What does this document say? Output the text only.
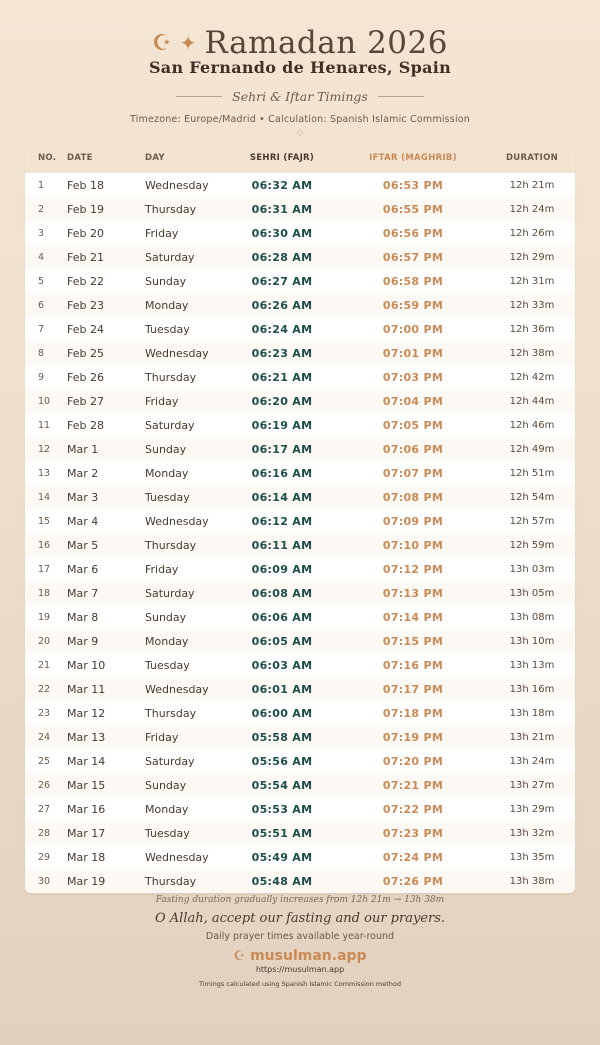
☪ ✦ Ramadan 2026
San Fernando de Henares, Spain
Sehri & Iftar Timings
Timezone: Europe/Madrid • Calculation: Spanish Islamic Commission
◇
NO.	DATE	DAY	SEHRI (FAJR)	IFTAR (MAGHRIB)	DURATION
1	Feb 18	Wednesday	06:32 AM	06:53 PM	12h 21m
2	Feb 19	Thursday	06:31 AM	06:55 PM	12h 24m
3	Feb 20	Friday	06:30 AM	06:56 PM	12h 26m
4	Feb 21	Saturday	06:28 AM	06:57 PM	12h 29m
5	Feb 22	Sunday	06:27 AM	06:58 PM	12h 31m
6	Feb 23	Monday	06:26 AM	06:59 PM	12h 33m
7	Feb 24	Tuesday	06:24 AM	07:00 PM	12h 36m
8	Feb 25	Wednesday	06:23 AM	07:01 PM	12h 38m
9	Feb 26	Thursday	06:21 AM	07:03 PM	12h 42m
10	Feb 27	Friday	06:20 AM	07:04 PM	12h 44m
11	Feb 28	Saturday	06:19 AM	07:05 PM	12h 46m
12	Mar 1	Sunday	06:17 AM	07:06 PM	12h 49m
13	Mar 2	Monday	06:16 AM	07:07 PM	12h 51m
14	Mar 3	Tuesday	06:14 AM	07:08 PM	12h 54m
15	Mar 4	Wednesday	06:12 AM	07:09 PM	12h 57m
16	Mar 5	Thursday	06:11 AM	07:10 PM	12h 59m
17	Mar 6	Friday	06:09 AM	07:12 PM	13h 03m
18	Mar 7	Saturday	06:08 AM	07:13 PM	13h 05m
19	Mar 8	Sunday	06:06 AM	07:14 PM	13h 08m
20	Mar 9	Monday	06:05 AM	07:15 PM	13h 10m
21	Mar 10	Tuesday	06:03 AM	07:16 PM	13h 13m
22	Mar 11	Wednesday	06:01 AM	07:17 PM	13h 16m
23	Mar 12	Thursday	06:00 AM	07:18 PM	13h 18m
24	Mar 13	Friday	05:58 AM	07:19 PM	13h 21m
25	Mar 14	Saturday	05:56 AM	07:20 PM	13h 24m
26	Mar 15	Sunday	05:54 AM	07:21 PM	13h 27m
27	Mar 16	Monday	05:53 AM	07:22 PM	13h 29m
28	Mar 17	Tuesday	05:51 AM	07:23 PM	13h 32m
29	Mar 18	Wednesday	05:49 AM	07:24 PM	13h 35m
30	Mar 19	Thursday	05:48 AM	07:26 PM	13h 38m
Fasting duration gradually increases from 12h 21m → 13h 38m
O Allah, accept our fasting and our prayers.
Daily prayer times available year-round
☪ musulman.app
https://musulman.app
Timings calculated using Spanish Islamic Commission method
